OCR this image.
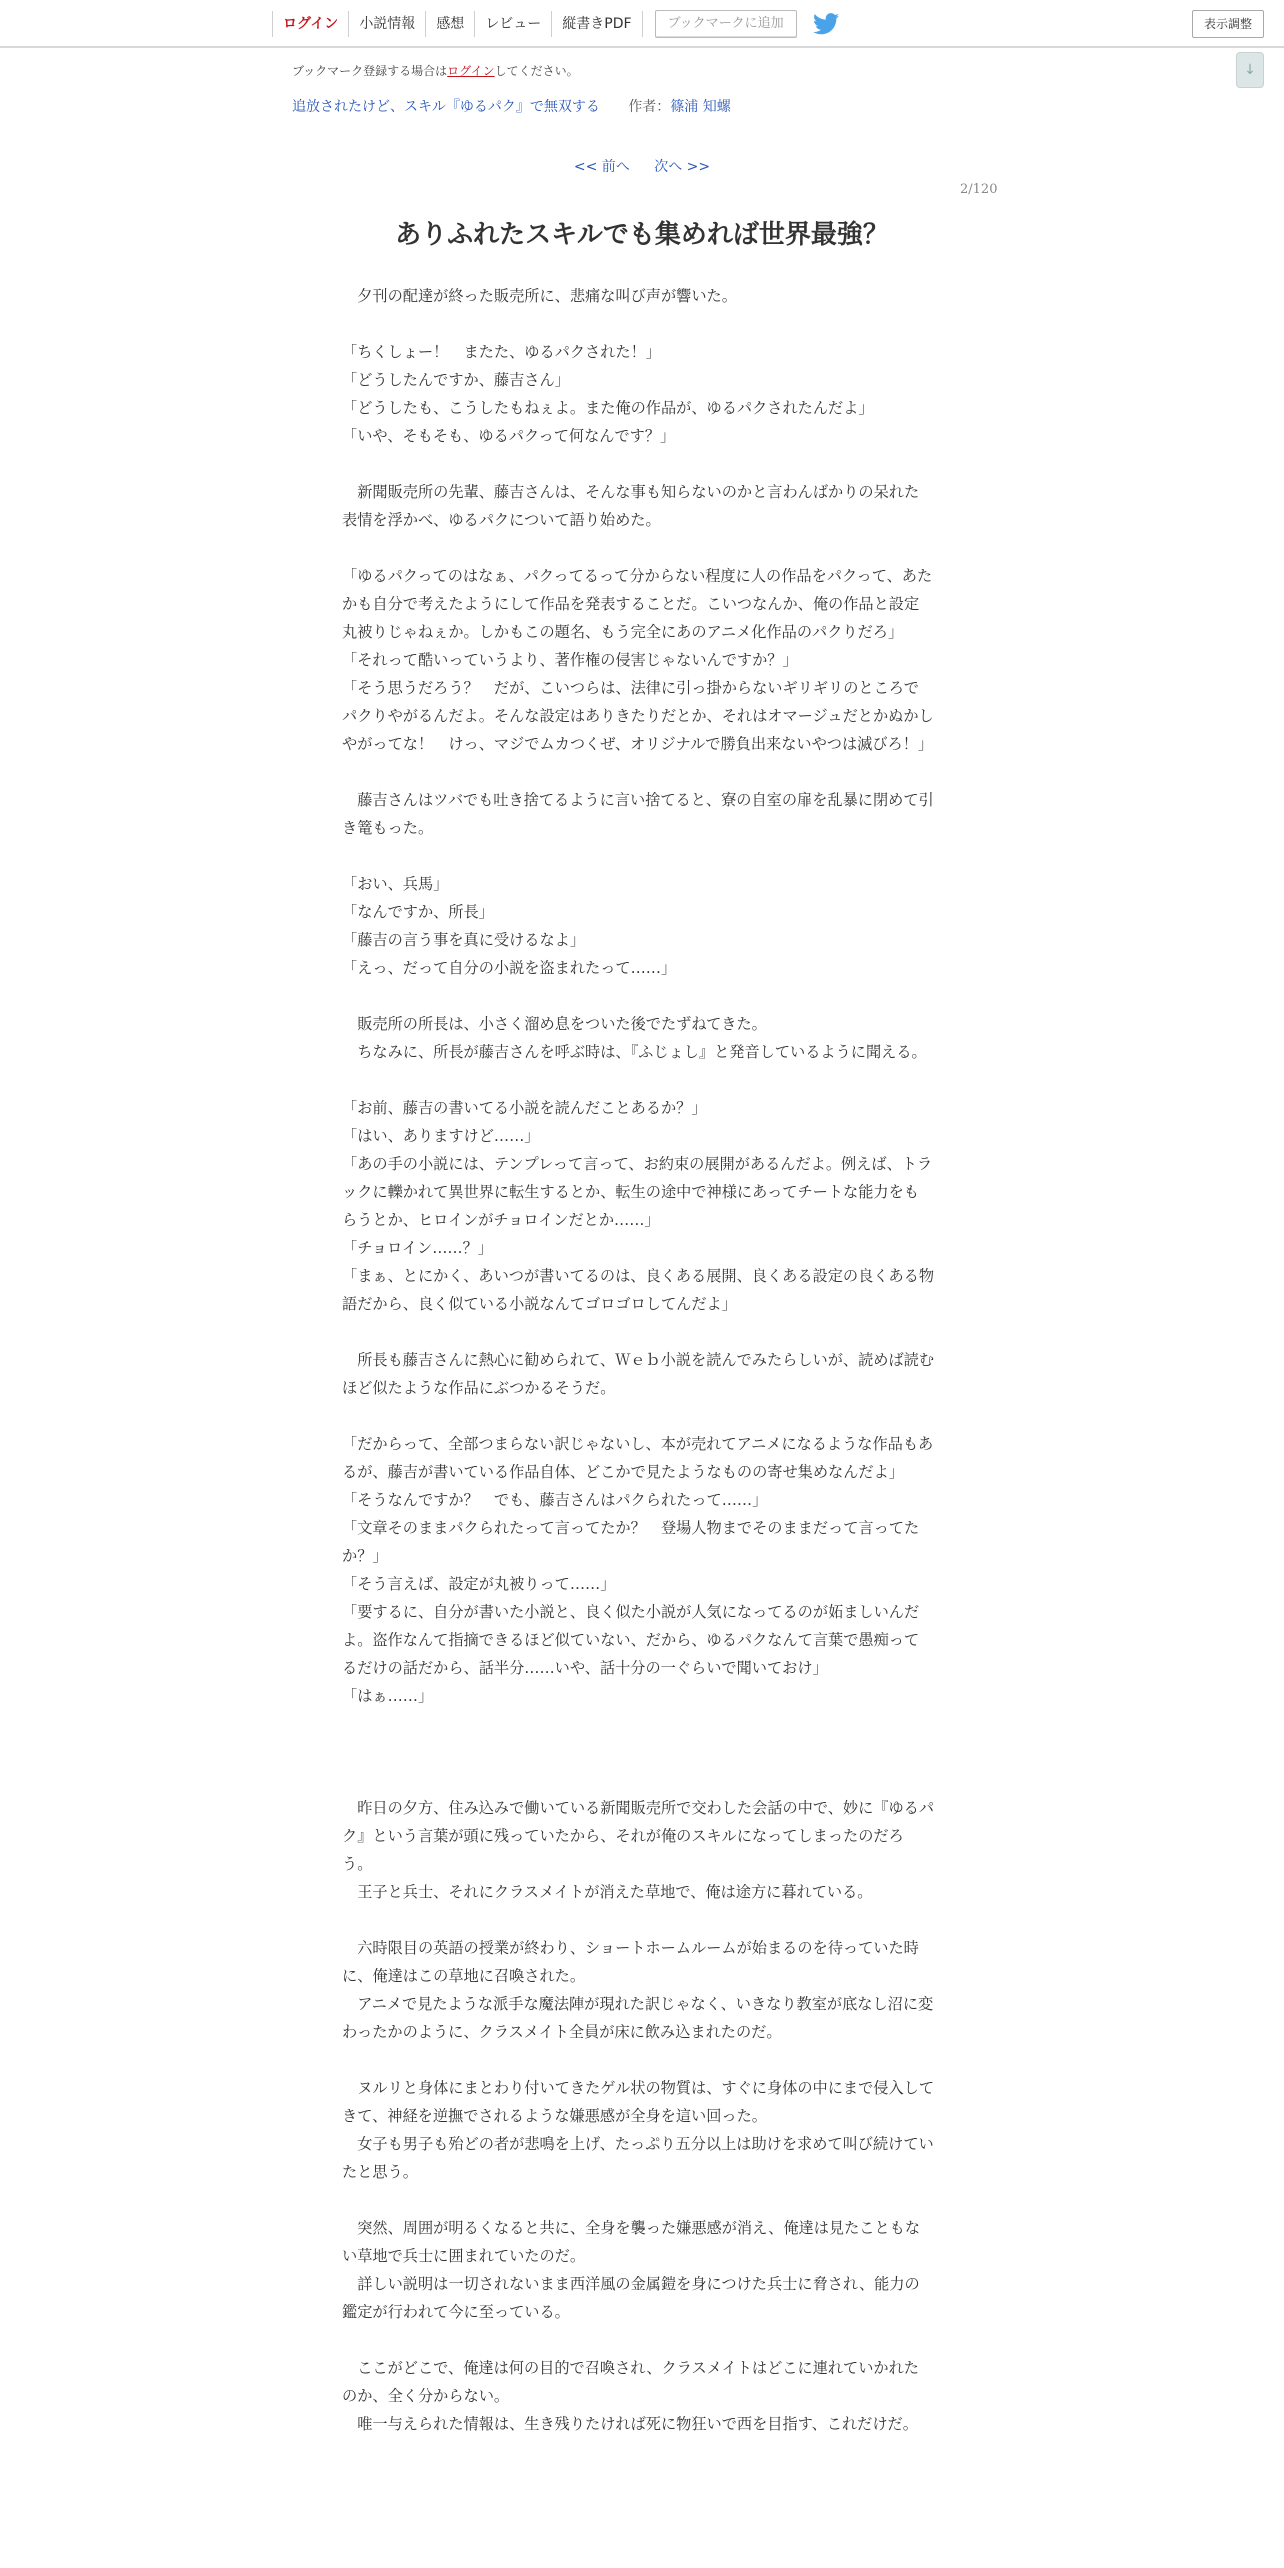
ログイン	小説情報	感想	レビュー	縦書きPDF	ブックマークに追加	表示調整
↓
ブックマーク登録する場合はログインしてください。
追放されたけど、スキル『ゆるパク』で無双する 作者：篠浦 知螺
<< 前へ 次へ >>
2/120
ありふれたスキルでも集めれば世界最強？

　夕刊の配達が終った販売所に、悲痛な叫び声が響いた。

「ちくしょー！　またた、ゆるパクされた！」

「どうしたんですか、藤吉さん」

「どうしたも、こうしたもねぇよ。また俺の作品が、ゆるパクされたんだよ」

「いや、そもそも、ゆるパクって何なんです？」

　新聞販売所の先輩、藤吉さんは、そんな事も知らないのかと言わんばかりの呆れた表情を浮かべ、ゆるパクについて語り始めた。

「ゆるパクってのはなぁ、パクってるって分からない程度に人の作品をパクって、あたかも自分で考えたようにして作品を発表することだ。こいつなんか、俺の作品と設定丸被りじゃねぇか。しかもこの題名、もう完全にあのアニメ化作品のパクりだろ」

「それって酷いっていうより、著作権の侵害じゃないんですか？」

「そう思うだろう？　だが、こいつらは、法律に引っ掛からないギリギリのところでパクりやがるんだよ。そんな設定はありきたりだとか、それはオマージュだとかぬかしやがってな！　けっ、マジでムカつくぜ、オリジナルで勝負出来ないやつは滅びろ！」

　藤吉さんはツバでも吐き捨てるように言い捨てると、寮の自室の扉を乱暴に閉めて引き篭もった。

「おい、兵馬」

「なんですか、所長」

「藤吉の言う事を真に受けるなよ」

「えっ、だって自分の小説を盗まれたって……」

　販売所の所長は、小さく溜め息をついた後でたずねてきた。

　ちなみに、所長が藤吉さんを呼ぶ時は、『ふじょし』と発音しているように聞える。

「お前、藤吉の書いてる小説を読んだことあるか？」

「はい、ありますけど……」

「あの手の小説には、テンプレって言って、お約束の展開があるんだよ。例えば、トラックに轢かれて異世界に転生するとか、転生の途中で神様にあってチートな能力をもらうとか、ヒロインがチョロインだとか……」

「チョロイン……？」

「まぁ、とにかく、あいつが書いてるのは、良くある展開、良くある設定の良くある物語だから、良く似ている小説なんてゴロゴロしてんだよ」

　所長も藤吉さんに熱心に勧められて、Ｗｅｂ小説を読んでみたらしいが、読めば読むほど似たような作品にぶつかるそうだ。

「だからって、全部つまらない訳じゃないし、本が売れてアニメになるような作品もあるが、藤吉が書いている作品自体、どこかで見たようなものの寄せ集めなんだよ」

「そうなんですか？　でも、藤吉さんはパクられたって……」

「文章そのままパクられたって言ってたか？　登場人物までそのままだって言ってたか？」

「そう言えば、設定が丸被りって……」

「要するに、自分が書いた小説と、良く似た小説が人気になってるのが妬ましいんだよ。盗作なんて指摘できるほど似ていない、だから、ゆるパクなんて言葉で愚痴ってるだけの話だから、話半分……いや、話十分の一ぐらいで聞いておけ」

「はぁ……」

　昨日の夕方、住み込みで働いている新聞販売所で交わした会話の中で、妙に『ゆるパク』という言葉が頭に残っていたから、それが俺のスキルになってしまったのだろう。

　王子と兵士、それにクラスメイトが消えた草地で、俺は途方に暮れている。

　六時限目の英語の授業が終わり、ショートホームルームが始まるのを待っていた時に、俺達はこの草地に召喚された。

　アニメで見たような派手な魔法陣が現れた訳じゃなく、いきなり教室が底なし沼に変わったかのように、クラスメイト全員が床に飲み込まれたのだ。

　ヌルリと身体にまとわり付いてきたゲル状の物質は、すぐに身体の中にまで侵入してきて、神経を逆撫でされるような嫌悪感が全身を這い回った。

　女子も男子も殆どの者が悲鳴を上げ、たっぷり五分以上は助けを求めて叫び続けていたと思う。

　突然、周囲が明るくなると共に、全身を襲った嫌悪感が消え、俺達は見たこともない草地で兵士に囲まれていたのだ。

　詳しい説明は一切されないまま西洋風の金属鎧を身につけた兵士に脅され、能力の鑑定が行われて今に至っている。

　ここがどこで、俺達は何の目的で召喚され、クラスメイトはどこに連れていかれたのか、全く分からない。

　唯一与えられた情報は、生き残りたければ死に物狂いで西を目指す、これだけだ。
